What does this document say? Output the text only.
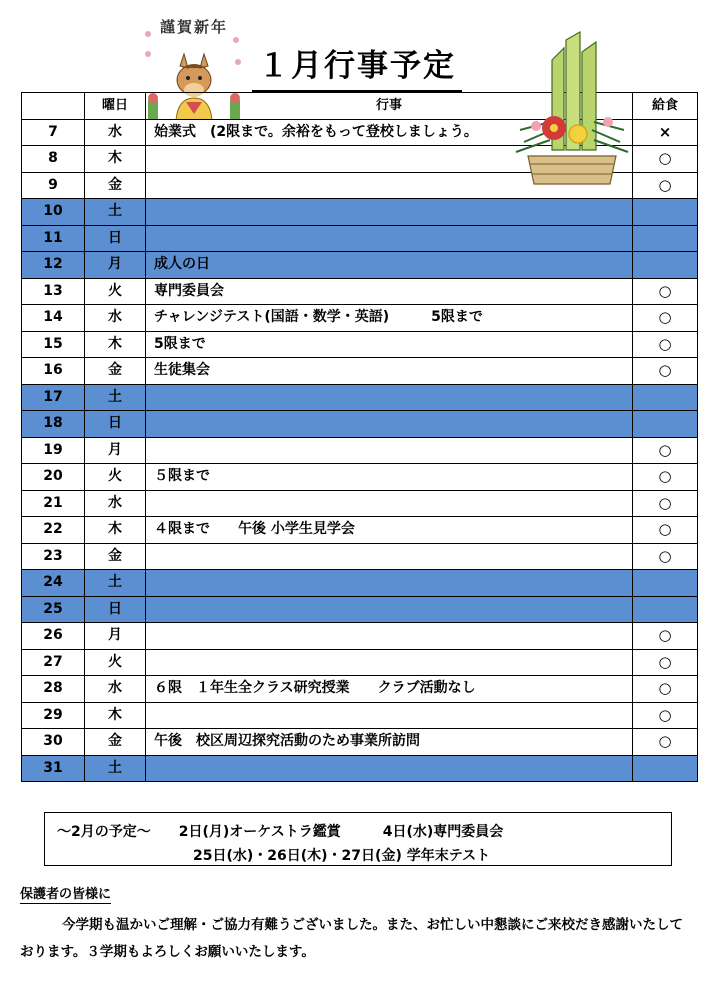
謹賀新年
１月行事予定
	曜日	行事	給食
7	水	始業式　(2限まで。余裕をもって登校しましょう。	×
8	木		○
9	金		○
10	土		
11	日		
12	月	成人の日	
13	火	専門委員会	○
14	水	チャレンジテスト(国語・数学・英語)　　　5限まで	○
15	木	5限まで	○
16	金	生徒集会	○
17	土		
18	日		
19	月		○
20	火	５限まで	○
21	水		○
22	木	４限まで　　午後 小学生見学会	○
23	金		○
24	土		
25	日		
26	月		○
27	火		○
28	水	６限　１年生全クラス研究授業　　クラブ活動なし	○
29	木		○
30	金	午後　校区周辺探究活動のため事業所訪問	○
31	土		
～2月の予定～　　2日(月)オーケストラ鑑賞　　　4日(水)専門委員会
25日(水)・26日(木)・27日(金) 学年末テスト
保護者の皆様に
今学期も温かいご理解・ご協力有難うございました。また、お忙しい中懇談にご来校だき感謝いたしております。３学期もよろしくお願いいたします。
